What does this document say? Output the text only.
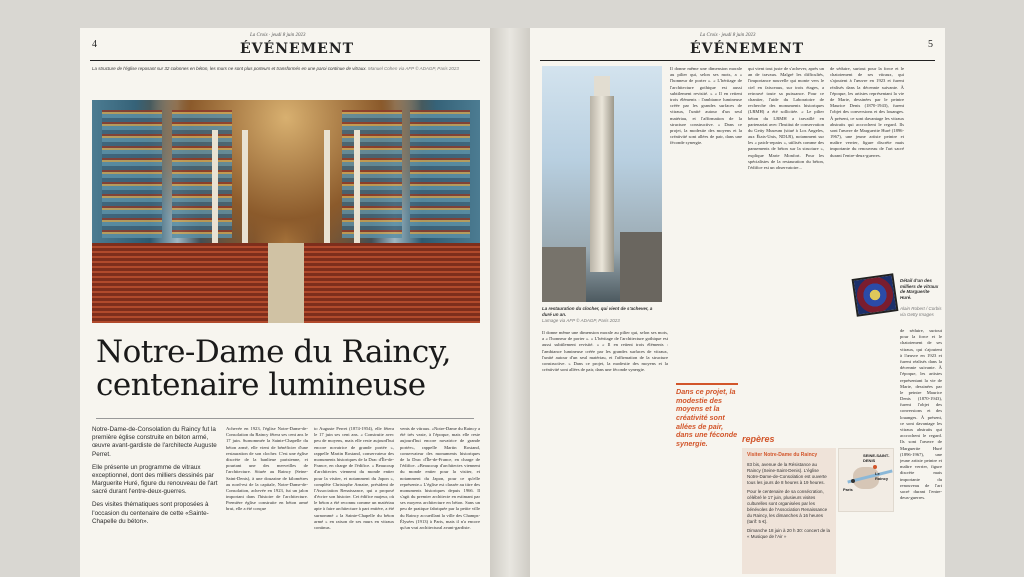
4
La Croix · jeudi 8 juin 2023
ÉVÉNEMENT
La structure de l'église reposant sur 32 colonnes en béton, les murs ne sont plus porteurs et transformés en une paroi continue de vitraux. Manuel Cohen via AFP © ADAGP, Paris 2023
Notre-Dame du Raincy, centenaire lumineuse

Notre-Dame-de-Consolation du Raincy fut la première église construite en béton armé, œuvre avant-gardiste de l'architecte Auguste Perret.

Elle présente un programme de vitraux exceptionnel, dont des milliers dessinés par Marguerite Huré, figure du renouveau de l'art sacré durant l'entre-deux-guerres.

Des visites thématiques sont proposées à l'occasion du centenaire de cette «Sainte-Chapelle du béton».

Achevée en 1923, l'église Notre-Dame-de-Consolation du Raincy fêtera ses cent ans le 17 juin. Surnommée la Sainte-Chapelle du béton armé, elle vient de bénéficier d'une restauration de son clocher. C'est une église discrète de la banlieue parisienne, et pourtant une des merveilles de l'architecture. Située au Raincy (Seine-Saint-Denis), à une douzaine de kilomètres au nord-est de la capitale, Notre-Dame-de-Consolation, achevée en 1923, fut un jalon important dans l'histoire de l'architecture. Première église construite en béton armé brut, elle a été conçue
to Auguste Perret (1874-1954), elle fêtera le 17 juin ses cent ans. « Construite avec peu de moyens, mais elle reste aujourd'hui encore novatrice de grande portée », rappelle Martin Rostand, conservateur des monuments historiques de la Drac d'Île-de-France, en charge de l'édifice. « Beaucoup d'architectes viennent du monde entier pour la visiter, et notamment du Japon », complète Christophe Arnaire, président de l'Association Renaissance, qui a proposé d'écrire son histoire. Cet édifice majeur, où le béton a été reconnu comme un matériau apte à faire architecture à part entière, a été surnommé « la Sainte-Chapelle du béton armé » en raison de ses murs en vitraux continus.
vents de vitraux. «Notre-Dame du Raincy a été très vaste, à l'époque, mais elle reste aujourd'hui encore novatrice de grande portée», rappelle Martin Rostand, conservateur des monuments historiques de la Drac d'Île-de-France, en charge de l'édifice. «Beaucoup d'architectes viennent du monde entier pour la visiter, et notamment du Japon, pour ce qu'elle représente.» L'église est classée au titre des monuments historiques depuis 1966. Il s'agit du premier architecte en estimant par ses moyens architecture en béton. Sans un peu de pratique fabriquée par la petite ville du Raincy accueillant la ville des Champs-Élysées (1913) à Paris, mais il n'a encore qu'un vrai architectural avant-gardiste.
La Croix · jeudi 8 juin 2023
ÉVÉNEMENT	5
La restauration du clocher, qui vient de s'achever, a duré un an.
Lamage via AFP © ADAGP, Paris 2023
Il donne même une dimension morale au pilier qui, selon ses mots, a « l'honneur de porter ». « L'héritage de l'architecture gothique est aussi subtilement revisité. » « Il en retient trois éléments : l'ambiance lumineuse créée par les grandes surfaces de vitraux, l'unité autour d'un seul matériau, et l'affirmation de la structure constructive. » Dans ce projet, la modestie des moyens et la créativité sont allées de pair, dans une féconde synergie.
qui vient tout juste de s'achever, après un an de travaux. Malgré les difficultés, l'importance nouvelle qui monte vers le ciel en faisceaux, sur trois étages, a retrouvé toute sa puissance. Pour ce chantier, l'aide du Laboratoire de recherche des monuments historiques (LRMH) a été sollicitée. « Le pilier béton du LRMH a travaillé en partenariat avec l'Institut de conservation du Getty Museum (situé à Los Angeles, aux États-Unis, NDLR), notamment sur les « patch-repairs », utilisés comme des pansements de béton sur la structure », explique Marie Monfort. Pour les spécialistes de la restauration du béton, l'édifice est un observatoire...
de séduire, surtout pour la force et le chatoiement de ses vitraux, qui s'ajoutent à l'œuvre en 1923 et furent réalisés dans la décennie suivante. À l'époque, les artistes représentant la vie de Marie, dessinées par le peintre Maurice Denis (1870-1943), furent l'objet des conversions et des louanges. À présent, ce sont davantage les vitraux abstraits qui accrochent le regard. Ils sont l'œuvre de Marguerite Huré (1896-1967), une jeune artiste peintre et maître verrier, figure discrète mais importante du renouveau de l'art sacré durant l'entre-deux-guerres.
Il donne même une dimension morale au pilier qui, selon ses mots, a « l'honneur de porter ». « L'héritage de l'architecture gothique est aussi subtilement revisité. » « Il en retient trois éléments : l'ambiance lumineuse créée par les grandes surfaces de vitraux, l'unité autour d'un seul matériau, et l'affirmation de la structure constructive. » Dans ce projet, la modestie des moyens et la créativité sont allées de pair, dans une féconde synergie.
Dans ce projet, la modestie des moyens et la créativité sont allées de pair, dans une féconde synergie.	repères
Visiter Notre-Dame du Raincy
83 bis, avenue de la Résistance au Raincy (Seine-Saint-Denis). L'église Notre-Dame-de-Consolation est ouverte tous les jours de 8 heures à 19 heures.
Pour le centenaire de sa consécration, célébré le 17 juin, plusieurs visites culturelles sont organisées par les bénévoles de l'Association Renaissance du Raincy, les dimanches à 16 heures (tarif: 5 €).
Dimanche 18 juin à 20 h 30: concert de la « Musique de l'Air »
SEINE-SAINT-DENIS
Le Raincy
Paris
Détail d'un des milliers de vitraux de Marguerite Huré.
Alain Robert / Corbis via Getty Images
de séduire, surtout pour la force et le chatoiement de ses vitraux, qui s'ajoutent à l'œuvre en 1923 et furent réalisés dans la décennie suivante. À l'époque, les artistes représentant la vie de Marie, dessinées par le peintre Maurice Denis (1870-1943), furent l'objet des conversions et des louanges. À présent, ce sont davantage les vitraux abstraits qui accrochent le regard. Ils sont l'œuvre de Marguerite Huré (1896-1967), une jeune artiste peintre et maître verrier, figure discrète mais importante du renouveau de l'art sacré durant l'entre-deux-guerres.
